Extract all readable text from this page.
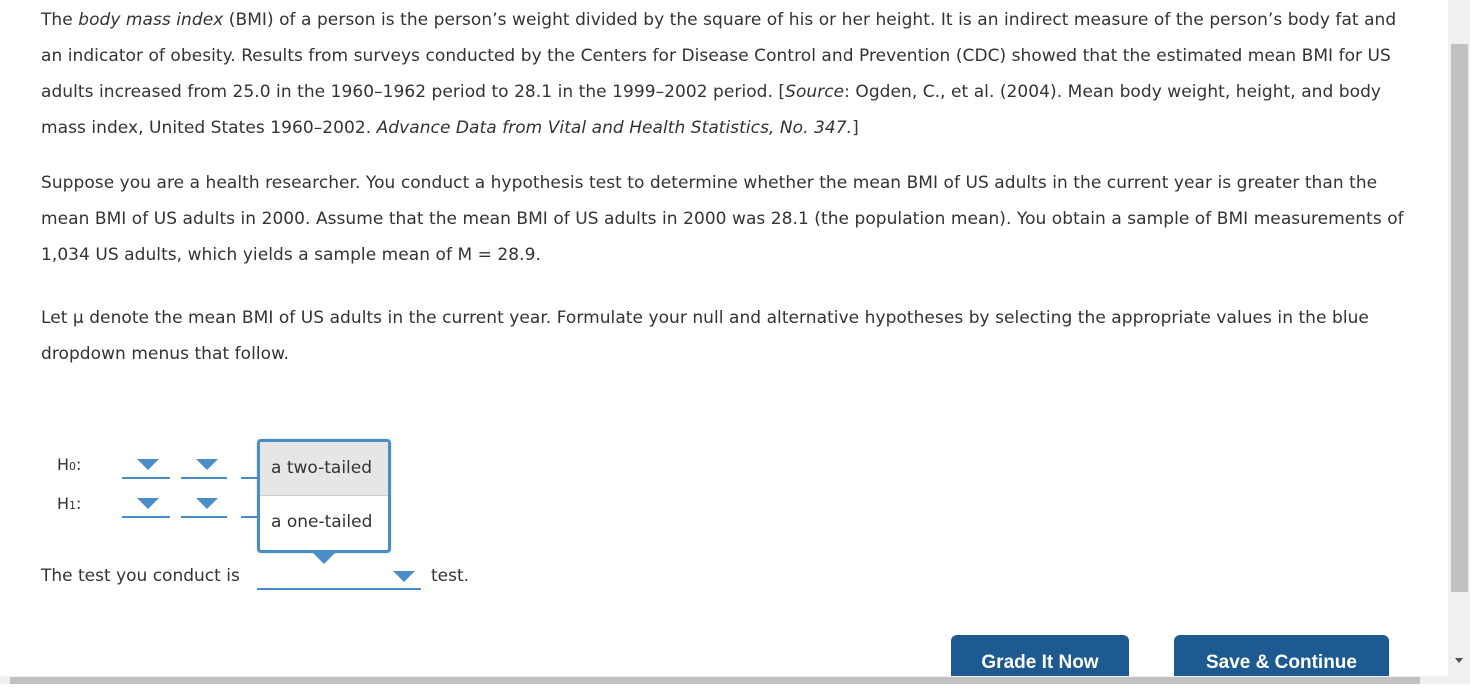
The body mass index (BMI) of a person is the person’s weight divided by the square of his or her height. It is an indirect measure of the person’s body fat and an indicator of obesity. Results from surveys conducted by the Centers for Disease Control and Prevention (CDC) showed that the estimated mean BMI for US adults increased from 25.0 in the 1960–1962 period to 28.1 in the 1999–2002 period. [Source: Ogden, C., et al. (2004). Mean body weight, height, and body mass index, United States 1960–2002. Advance Data from Vital and Health Statistics, No. 347.]

Suppose you are a health researcher. You conduct a hypothesis test to determine whether the mean BMI of US adults in the current year is greater than the mean BMI of US adults in 2000. Assume that the mean BMI of US adults in 2000 was 28.1 (the population mean). You obtain a sample of BMI measurements of 1,034 US adults, which yields a sample mean of M = 28.9.

Let μ denote the mean BMI of US adults in the current year. Formulate your null and alternative hypotheses by selecting the appropriate values in the blue dropdown menus that follow.

H0:
H1:
a two-tailed
a one-tailed
The test you conduct is	test.
Grade It Now	Save & Continue
